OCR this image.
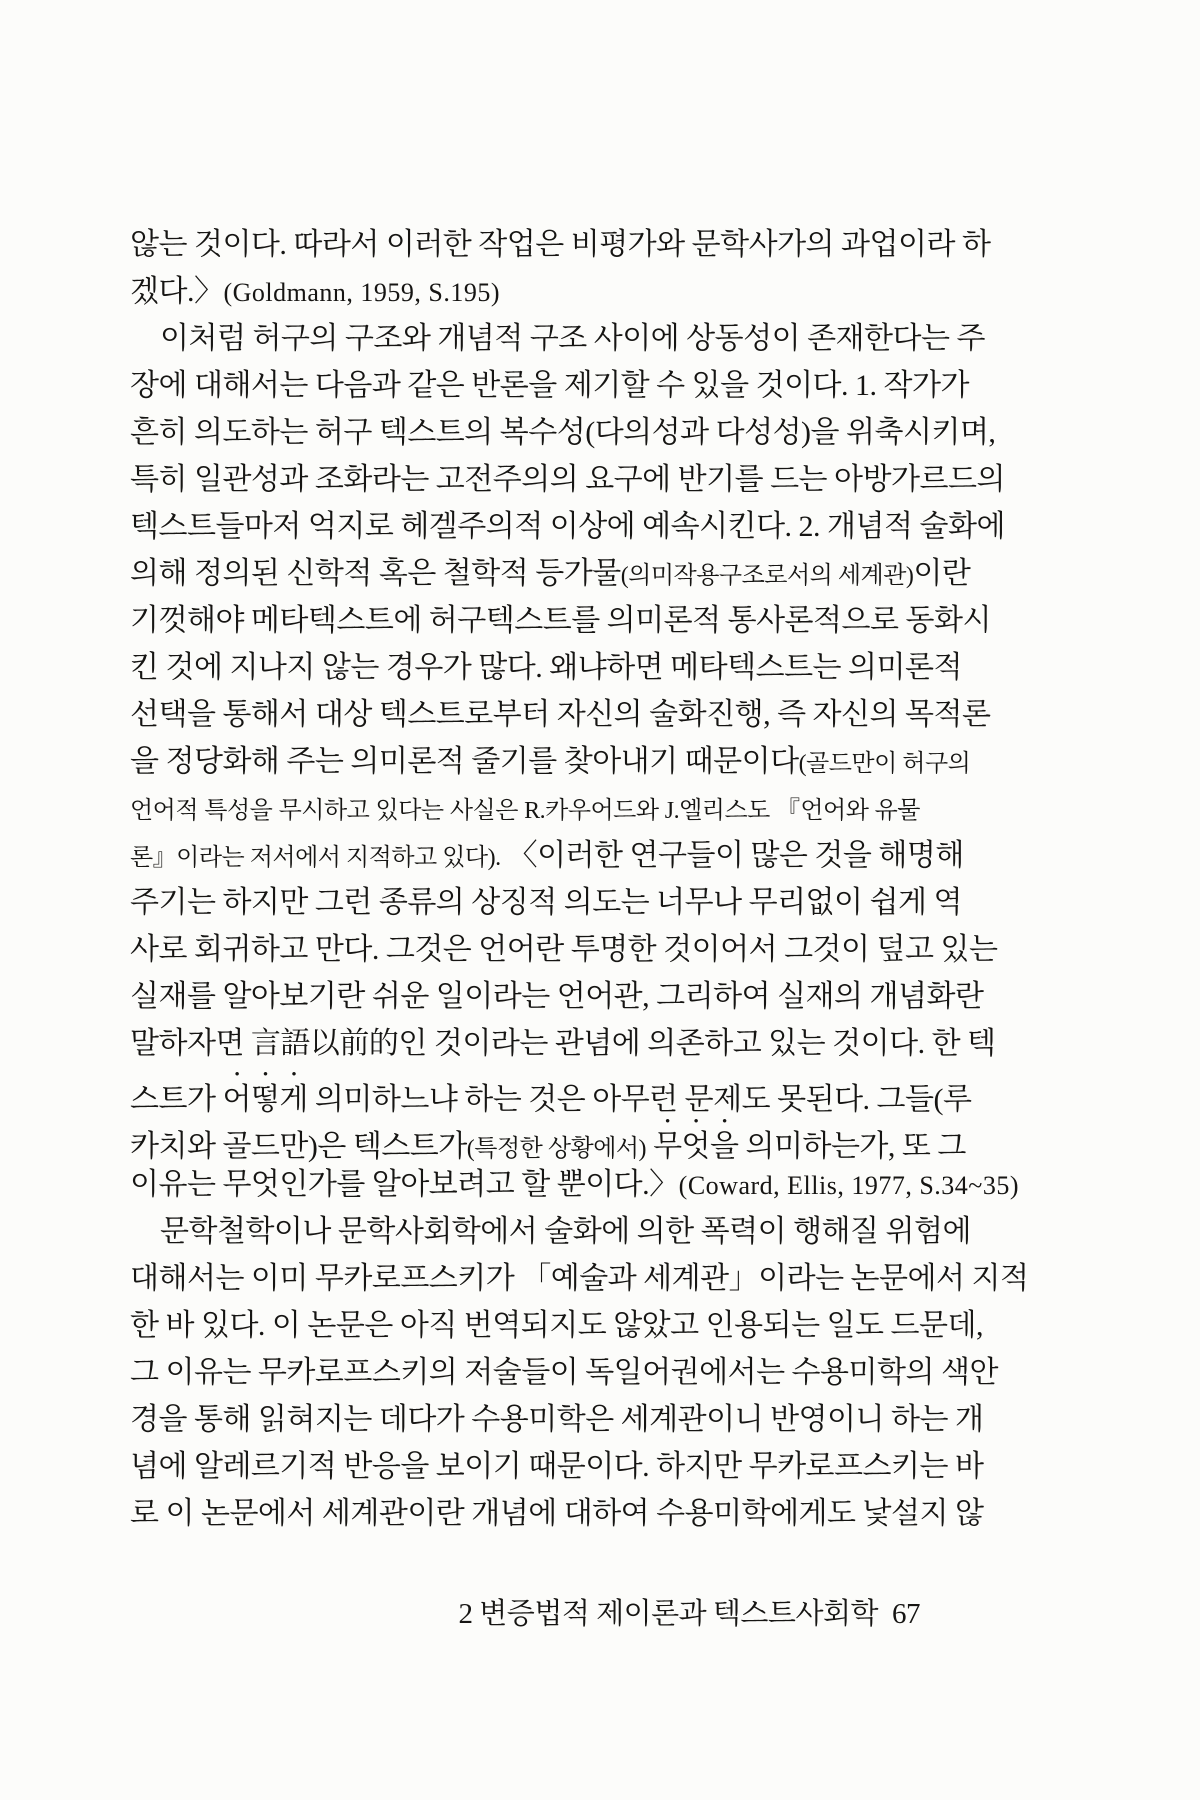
않는 것이다. 따라서 이러한 작업은 비평가와 문학사가의 과업이라 하
겠다.〉(Goldmann, 1959, S.195)
이처럼 허구의 구조와 개념적 구조 사이에 상동성이 존재한다는 주
장에 대해서는 다음과 같은 반론을 제기할 수 있을 것이다. 1. 작가가
흔히 의도하는 허구 텍스트의 복수성(다의성과 다성성)을 위축시키며,
특히 일관성과 조화라는 고전주의의 요구에 반기를 드는 아방가르드의
텍스트들마저 억지로 헤겔주의적 이상에 예속시킨다. 2. 개념적 술화에
의해 정의된 신학적 혹은 철학적 등가물(의미작용구조로서의 세계관)이란
기껏해야 메타텍스트에 허구텍스트를 의미론적 통사론적으로 동화시
킨 것에 지나지 않는 경우가 많다. 왜냐하면 메타텍스트는 의미론적
선택을 통해서 대상 텍스트로부터 자신의 술화진행, 즉 자신의 목적론
을 정당화해 주는 의미론적 줄기를 찾아내기 때문이다(골드만이 허구의
언어적 특성을 무시하고 있다는 사실은 R.카우어드와 J.엘리스도 『언어와 유물
론』이라는 저서에서 지적하고 있다). 〈이러한 연구들이 많은 것을 해명해
주기는 하지만 그런 종류의 상징적 의도는 너무나 무리없이 쉽게 역
사로 회귀하고 만다. 그것은 언어란 투명한 것이어서 그것이 덮고 있는
실재를 알아보기란 쉬운 일이라는 언어관, 그리하여 실재의 개념화란
말하자면 言語以前的인 것이라는 관념에 의존하고 있는 것이다. 한 텍
스트가 어떻게 의미하느냐 하는 것은 아무런 문제도 못된다. 그들(루
카치와 골드만)은 텍스트가(특정한 상황에서) 무엇을 의미하는가, 또 그
이유는 무엇인가를 알아보려고 할 뿐이다.〉(Coward, Ellis, 1977, S.34~35)
문학철학이나 문학사회학에서 술화에 의한 폭력이 행해질 위험에
대해서는 이미 무카로프스키가 「예술과 세계관」이라는 논문에서 지적
한 바 있다. 이 논문은 아직 번역되지도 않았고 인용되는 일도 드문데,
그 이유는 무카로프스키의 저술들이 독일어권에서는 수용미학의 색안
경을 통해 읽혀지는 데다가 수용미학은 세계관이니 반영이니 하는 개
념에 알레르기적 반응을 보이기 때문이다. 하지만 무카로프스키는 바
로 이 논문에서 세계관이란 개념에 대하여 수용미학에게도 낯설지 않
2 변증법적 제이론과 텍스트사회학 67
